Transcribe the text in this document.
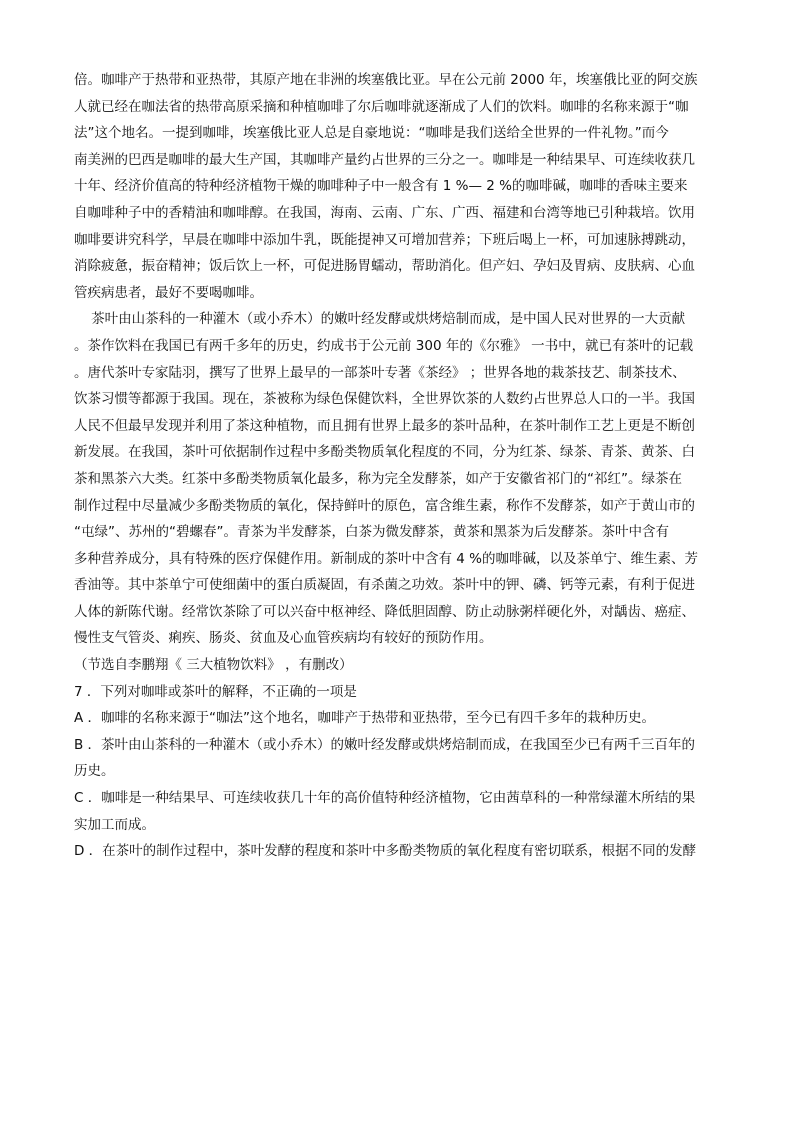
倍。咖啡产于热带和亚热带，其原产地在非洲的埃塞俄比亚。早在公元前 2000 年，埃塞俄比亚的阿交族
人就已经在咖法省的热带高原采摘和种植咖啡了尔后咖啡就逐渐成了人们的饮料。咖啡的名称来源于“咖
法”这个地名。一提到咖啡，埃塞俄比亚人总是自豪地说：“咖啡是我们送给全世界的一件礼物。”而今
南美洲的巴西是咖啡的最大生产国，其咖啡产量约占世界的三分之一。咖啡是一种结果早、可连续收获几
十年、经济价值高的特种经济植物干燥的咖啡种子中一般含有 1 %— 2 %的咖啡碱，咖啡的香味主要来
自咖啡种子中的香精油和咖啡醇。在我国，海南、云南、广东、广西、福建和台湾等地已引种栽培。饮用
咖啡要讲究科学，早晨在咖啡中添加牛乳，既能提神又可增加营养；下班后喝上一杯，可加速脉搏跳动，
消除疲惫，振奋精神；饭后饮上一杯，可促进肠胃蠕动，帮助消化。但产妇、孕妇及胃病、皮肤病、心血
管疾病患者，最好不要喝咖啡。
茶叶由山茶科的一种灌木（或小乔木）的嫩叶经发酵或烘烤焙制而成，是中国人民对世界的一大贡献
。茶作饮料在我国已有两千多年的历史，约成书于公元前 300 年的《尔雅》 一书中，就已有茶叶的记载
。唐代茶叶专家陆羽，撰写了世界上最早的一部茶叶专著《茶经》 ；世界各地的栽茶技艺、制茶技术、
饮茶习惯等都源于我国。现在，茶被称为绿色保健饮料，全世界饮茶的人数约占世界总人口的一半。我国
人民不但最早发现并利用了茶这种植物，而且拥有世界上最多的茶叶品种，在茶叶制作工艺上更是不断创
新发展。在我国，茶叶可依据制作过程中多酚类物质氧化程度的不同，分为红茶、绿茶、青茶、黄茶、白
茶和黑茶六大类。红茶中多酚类物质氧化最多，称为完全发酵茶，如产于安徽省祁门的“祁红”。绿茶在
制作过程中尽量减少多酚类物质的氧化，保持鲜叶的原色，富含维生素，称作不发酵茶，如产于黄山市的
“屯绿”、苏州的“碧螺春”。青茶为半发酵茶，白茶为微发酵茶，黄茶和黑茶为后发酵茶。茶叶中含有
多种营养成分，具有特殊的医疗保健作用。新制成的茶叶中含有 4 %的咖啡碱，以及茶单宁、维生素、芳
香油等。其中茶单宁可使细菌中的蛋白质凝固，有杀菌之功效。茶叶中的钾、磷、钙等元素，有利于促进
人体的新陈代谢。经常饮茶除了可以兴奋中枢神经、降低胆固醇、防止动脉粥样硬化外，对龋齿、癌症、
慢性支气管炎、痢疾、肠炎、贫血及心血管疾病均有较好的预防作用。
（节选自李鹏翔《 三大植物饮料》 ，有删改）
7 ．下列对咖啡或茶叶的解释，不正确的一项是
A ．咖啡的名称来源于“咖法”这个地名，咖啡产于热带和亚热带，至今已有四千多年的栽种历史。
B ．茶叶由山茶科的一种灌木（或小乔木）的嫩叶经发酵或烘烤焙制而成，在我国至少已有两千三百年的
历史。
C ．咖啡是一种结果早、可连续收获几十年的高价值特种经济植物，它由茜草科的一种常绿灌木所结的果
实加工而成。
D ．在茶叶的制作过程中，茶叶发酵的程度和茶叶中多酚类物质的氧化程度有密切联系，根据不同的发酵
